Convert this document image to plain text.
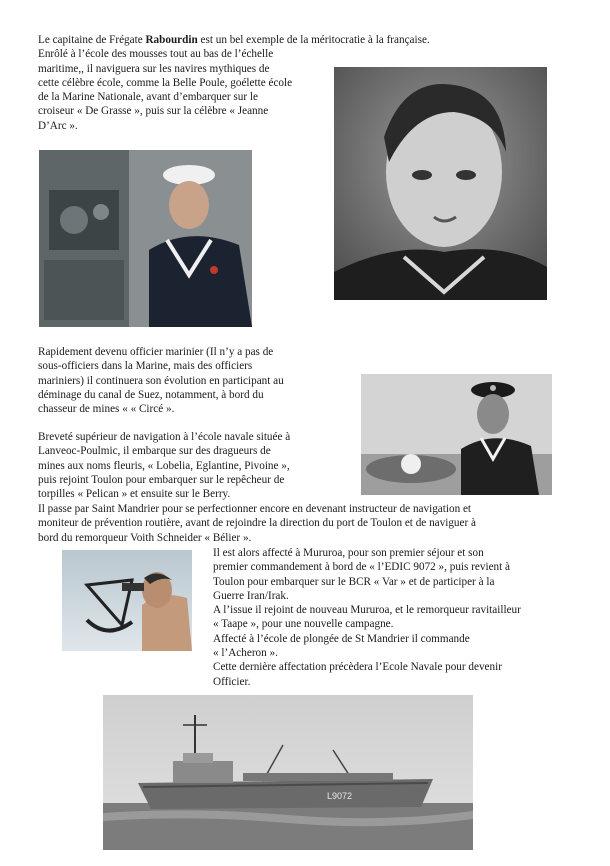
Le capitaine de Frégate Rabourdin est un bel exemple de la méritocratie à la française.
Enrôlé à l’école des mousses tout au bas de l’échelle
maritime,, il naviguera sur les navires mythiques de
cette célèbre école, comme la Belle Poule, goélette école
de la Marine Nationale, avant d’embarquer sur le
croiseur « De Grasse », puis sur la célèbre « Jeanne
D’Arc ».
Rapidement devenu officier marinier (Il n’y a pas de
sous-officiers dans la Marine, mais des officiers
mariniers) il continuera son évolution en participant au
déminage du canal de Suez, notamment, à bord du
chasseur de mines « « Circé ».
Breveté supérieur de navigation à l’école navale située à
Lanveoc-Poulmic, il embarque sur des dragueurs de
mines aux noms fleuris, « Lobelia, Eglantine, Pivoine »,
puis rejoint Toulon pour embarquer sur le repêcheur de
torpilles « Pelican » et ensuite sur le Berry.
Il passe par Saint Mandrier pour se perfectionner encore en devenant instructeur de navigation et
moniteur de prévention routière, avant de rejoindre la direction du port de Toulon et de naviguer à
bord du remorqueur Voith Schneider « Bélier ».
Il est alors affecté à Mururoa, pour son premier séjour et son
premier commandement à bord de « l’EDIC 9072 », puis revient à
Toulon pour embarquer sur le BCR « Var » et de participer à la
Guerre Iran/Irak.
A l’issue il rejoint de nouveau Mururoa, et le remorqueur ravitailleur
« Taape », pour une nouvelle campagne.
Affecté à l’école de plongée de St Mandrier il commande
« l’Acheron ».
Cette dernière affectation précèdera l’Ecole Navale pour devenir
Officier.
L9072
